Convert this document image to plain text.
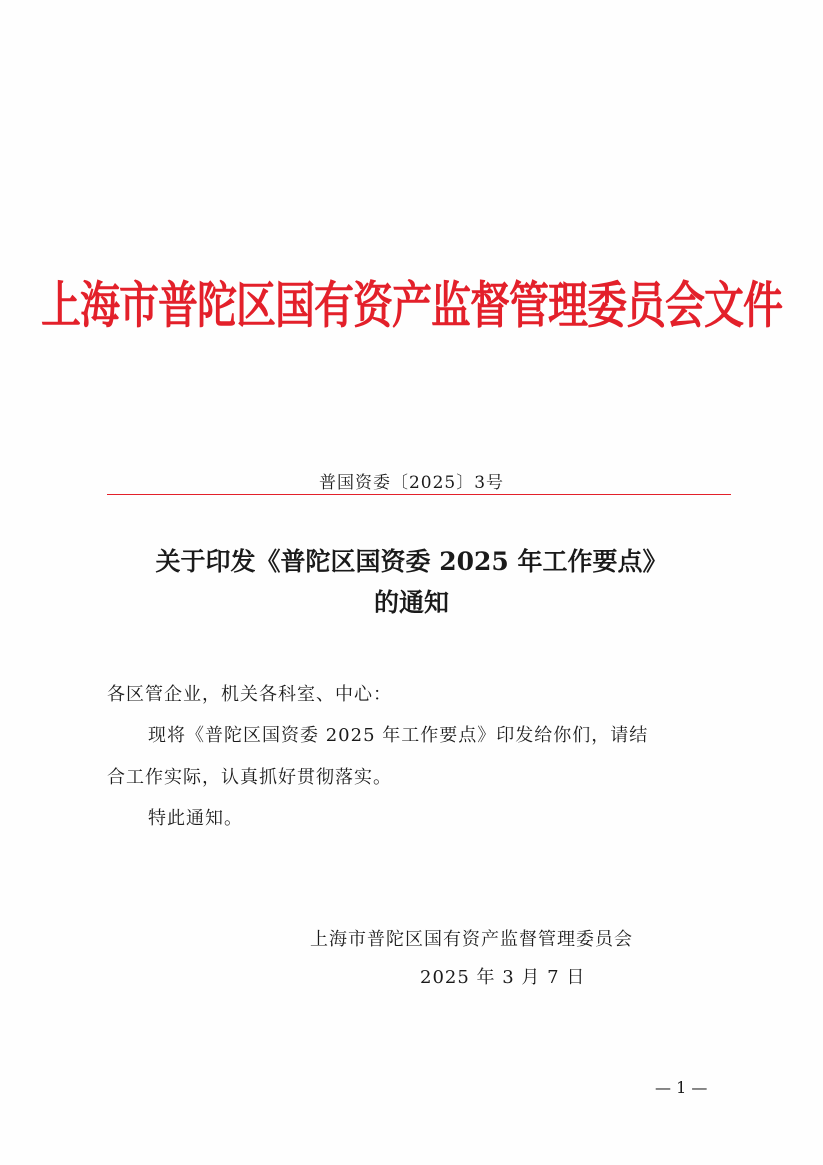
上海市普陀区国有资产监督管理委员会文件
普国资委〔2025〕3号
关于印发《普陀区国资委 2025 年工作要点》
的通知
各区管企业，机关各科室、中心：
现将《普陀区国资委 2025 年工作要点》印发给你们，请结
合工作实际，认真抓好贯彻落实。
特此通知。
上海市普陀区国有资产监督管理委员会
2025 年 3 月 7 日
— 1 —
